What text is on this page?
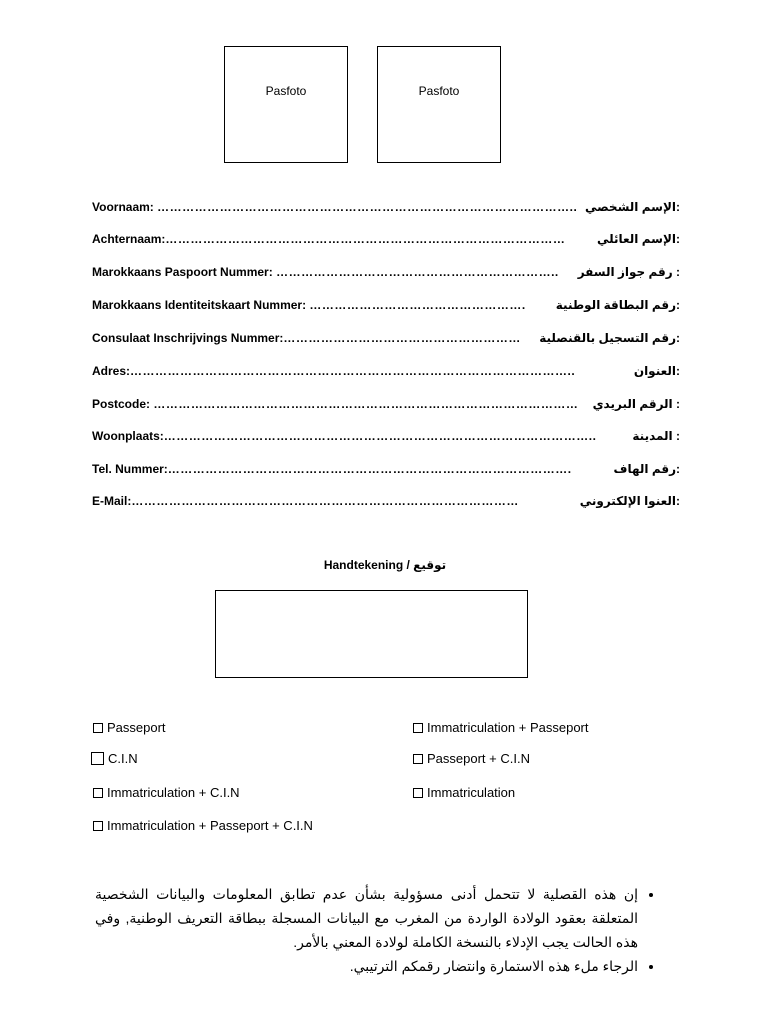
Pasfoto	Pasfoto
Voornaam: ……………………………………………………………………………………….. :الإسم الشخصي
Achternaam:……………………………………………………………………………………	:الإسم العائلي
Marokkaans Paspoort Nummer: …………………………………………………………..	: رقم جواز السفر
Marokkaans Identiteitskaart Nummer: …………………………………………….	:رقم البطاقة الوطنية
Consulaat Inschrijvings Nummer:…………………………………………………	:رقم التسجيل بالقنصلية
Adres:……………………………………………………………………………………………..	:العنوان
Postcode: …………………………………………………………………………………………	: الرقم البريدي
Woonplaats:…………………………………………………………………………………………..	: المدينة
Tel. Nummer:…………………………………………………………………………………….	:رقم الهاف
E-Mail:…………………………………………………………………………………	:العنوا الإلكتروني
Handtekening / توقيع
Passeport	Immatriculation + Passeport
C.I.N	Passeport + C.I.N
Immatriculation + C.I.N	Immatriculation
Immatriculation + Passeport + C.I.N
• إن هذه القصلية لا تتحمل أدنى مسؤولية بشأن عدم تطابق المعلومات والبيانات الشخصية المتعلقة بعقود الولادة الواردة من المغرب مع البيانات المسجلة ببطاقة التعريف الوطنية, وفي هذه الحالت يجب الإدلاء بالنسخة الكاملة لولادة المعني بالأمر.
• الرجاء ملء هذه الاستمارة وانتضار رقمكم الترتيبي.
